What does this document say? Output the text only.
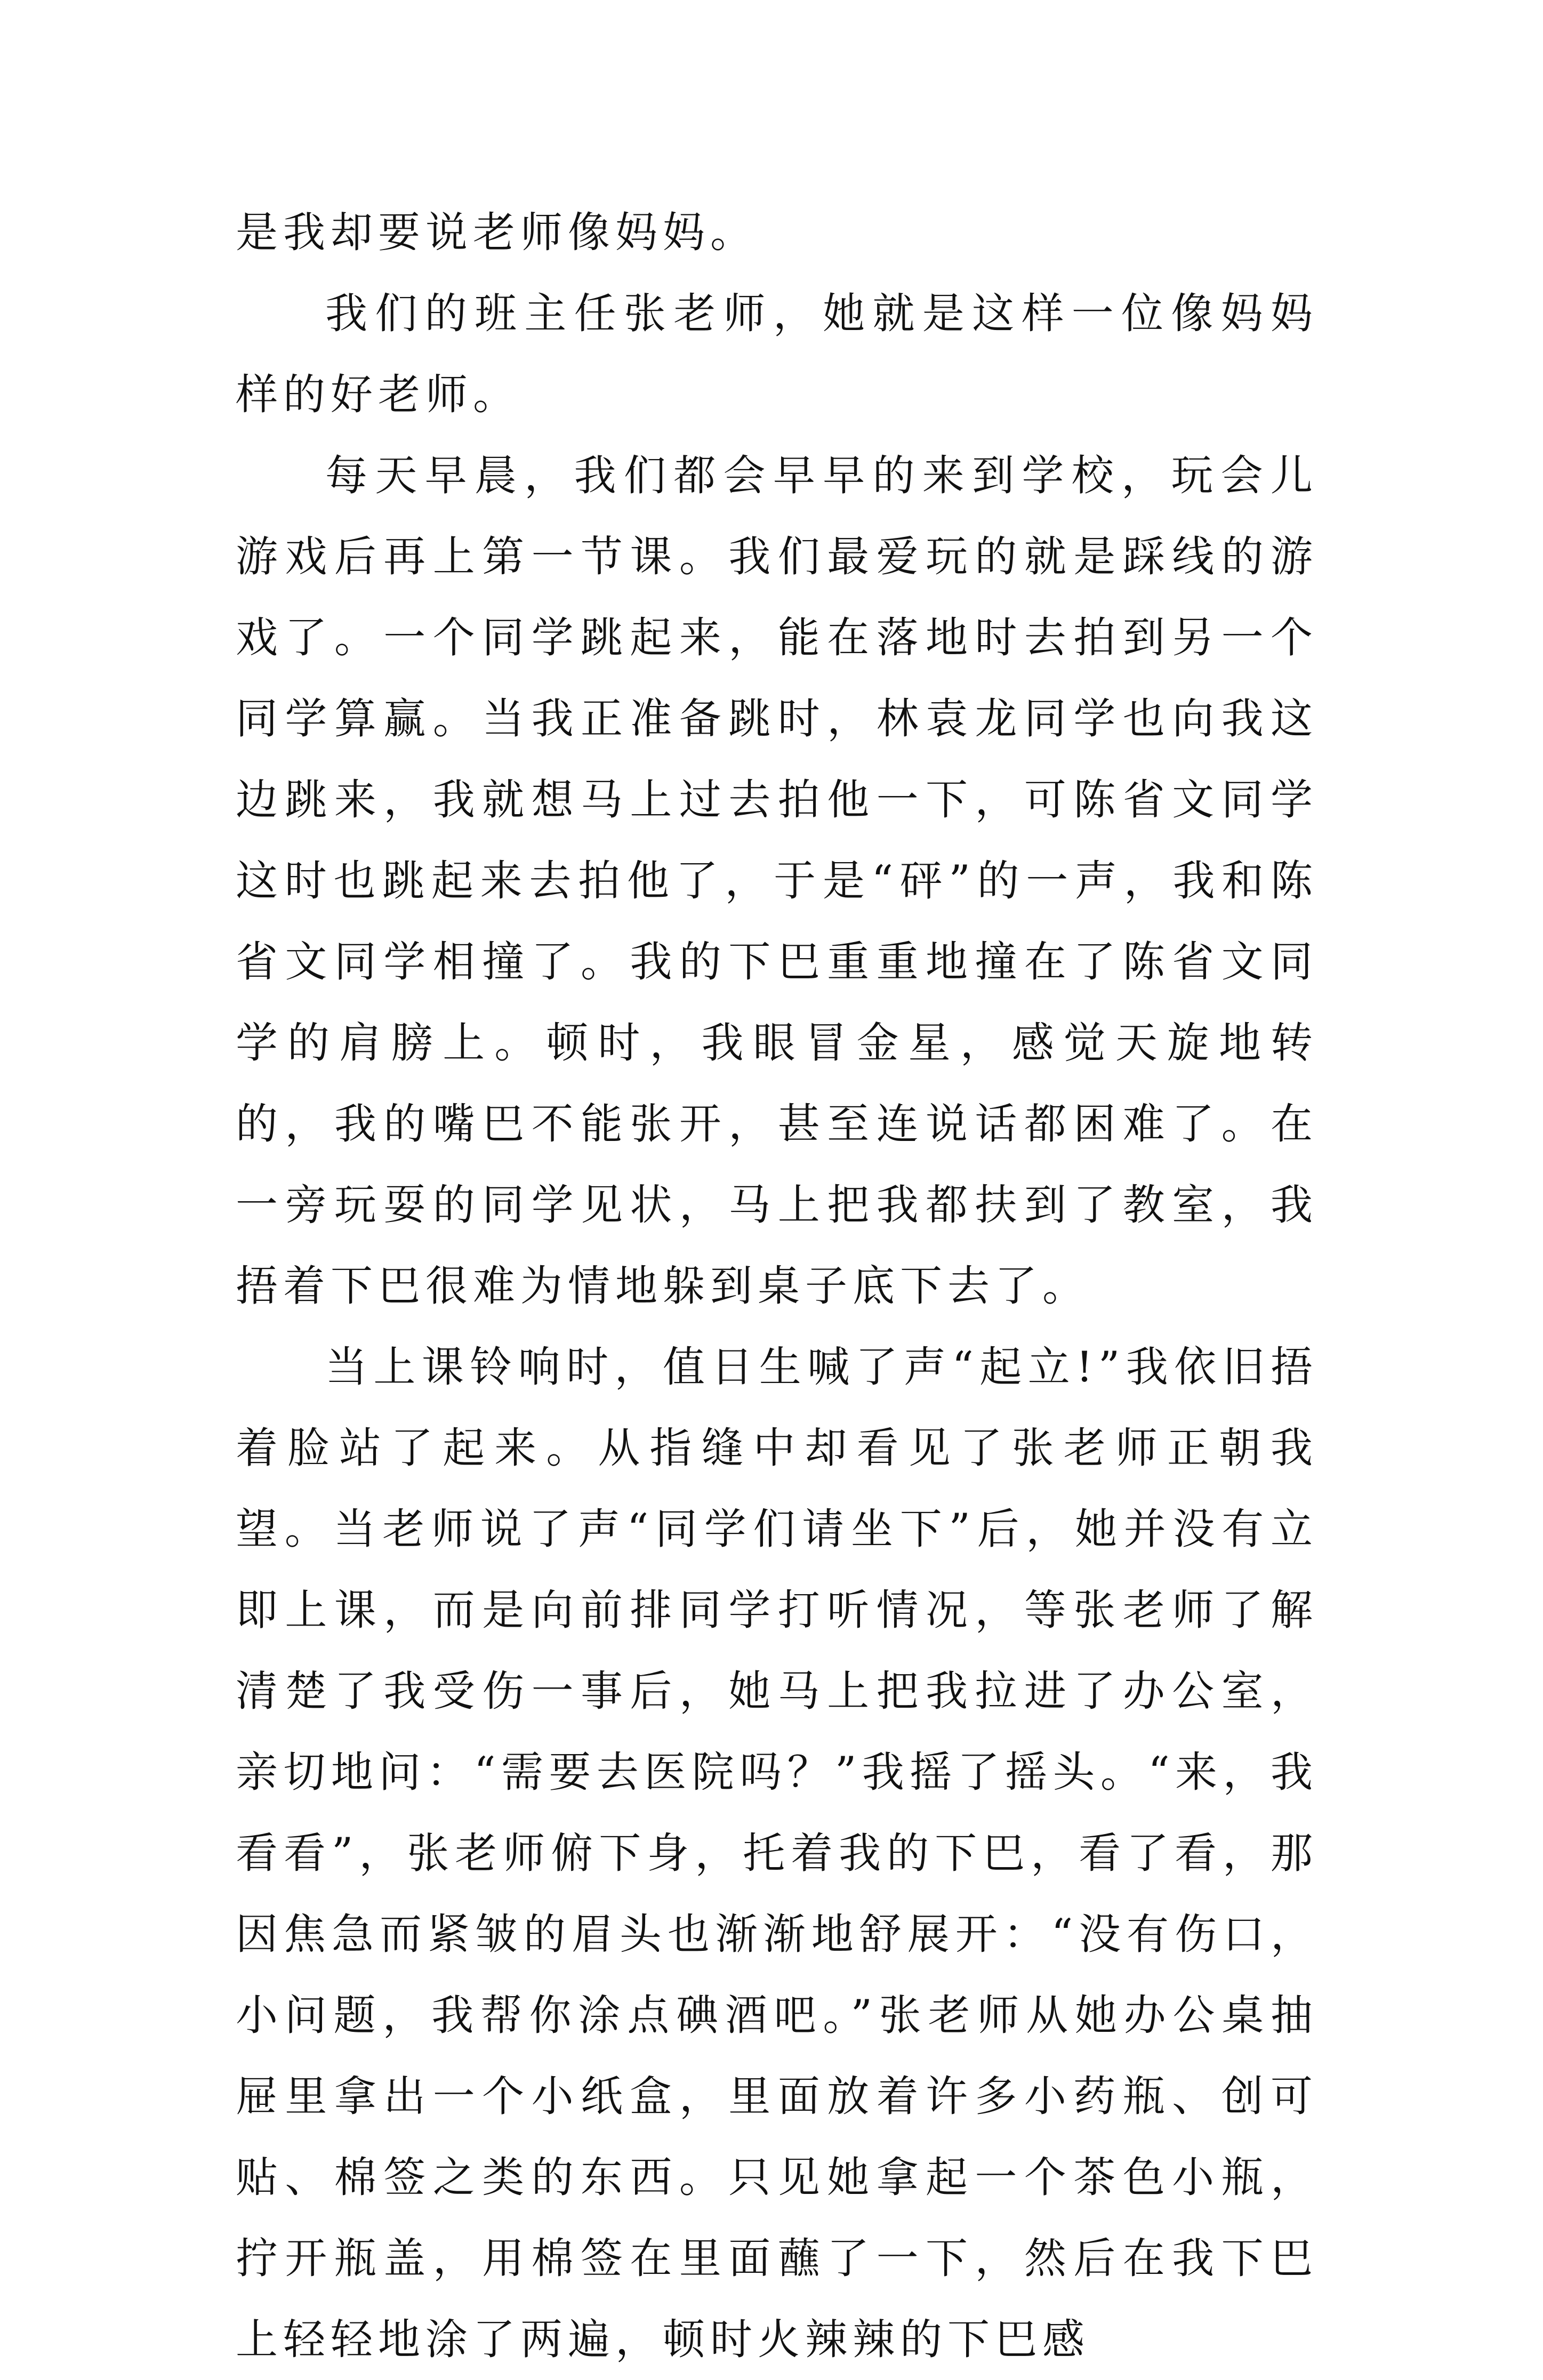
是我却要说老师像妈妈。

我们的班主任张老师，她就是这样一位像妈妈样的好老师。

每天早晨，我们都会早早的来到学校，玩会儿游戏后再上第一节课。我们最爱玩的就是踩线的游戏了。一个同学跳起来，能在落地时去拍到另一个同学算赢。当我正准备跳时，林袁龙同学也向我这边跳来，我就想马上过去拍他一下，可陈省文同学这时也跳起来去拍他了，于是“砰”的一声，我和陈省文同学相撞了。我的下巴重重地撞在了陈省文同学的肩膀上。顿时，我眼冒金星，感觉天旋地转的，我的嘴巴不能张开，甚至连说话都困难了。在一旁玩耍的同学见状，马上把我都扶到了教室，我捂着下巴很难为情地躲到桌子底下去了。

当上课铃响时，值日生喊了声“起立!”我依旧捂着脸站了起来。从指缝中却看见了张老师正朝我望。当老师说了声“同学们请坐下”后，她并没有立即上课，而是向前排同学打听情况，等张老师了解清楚了我受伤一事后，她马上把我拉进了办公室，亲切地问：“需要去医院吗？”我摇了摇头。“来，我看看”，张老师俯下身，托着我的下巴，看了看，那因焦急而紧皱的眉头也渐渐地舒展开：“没有伤口，小问题，我帮你涂点碘酒吧。”张老师从她办公桌抽屉里拿出一个小纸盒，里面放着许多小药瓶、创可贴、棉签之类的东西。只见她拿起一个茶色小瓶，拧开瓶盖，用棉签在里面蘸了一下，然后在我下巴上轻轻地涂了两遍，顿时火辣辣的下巴感
